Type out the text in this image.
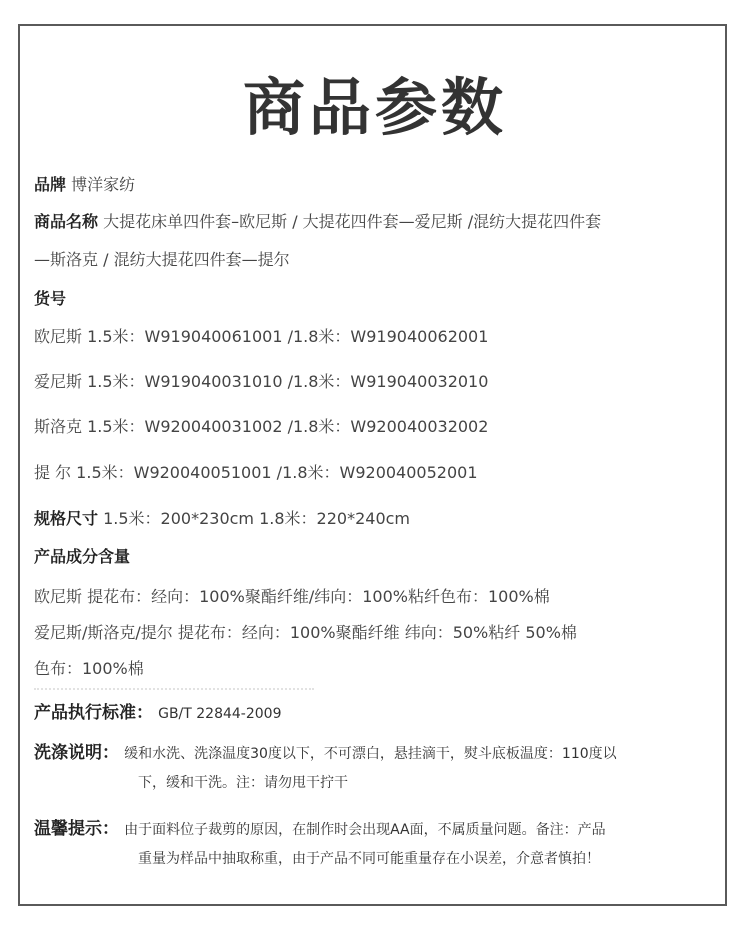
商品参数
品牌 博洋家纺
商品名称 大提花床单四件套–欧尼斯 / 大提花四件套—爱尼斯 /混纺大提花四件套
—斯洛克 / 混纺大提花四件套—提尔
货号
欧尼斯 1.5米：W919040061001 /1.8米：W919040062001
爱尼斯 1.5米：W919040031010 /1.8米：W919040032010
斯洛克 1.5米：W920040031002 /1.8米：W920040032002
提 尔 1.5米：W920040051001 /1.8米：W920040052001
规格尺寸 1.5米：200*230cm 1.8米：220*240cm
产品成分含量
欧尼斯 提花布：经向：100%聚酯纤维/纬向：100%粘纤色布：100%棉
爱尼斯/斯洛克/提尔 提花布：经向：100%聚酯纤维 纬向：50%粘纤 50%棉
色布：100%棉
产品执行标准： GB/T 22844-2009
洗涤说明： 缓和水洗、洗涤温度30度以下，不可漂白，悬挂滴干，熨斗底板温度：110度以
下，缓和干洗。注：请勿甩干拧干
温馨提示： 由于面料位子裁剪的原因，在制作时会出现AA面，不属质量问题。备注：产品
重量为样品中抽取称重，由于产品不同可能重量存在小误差，介意者慎拍！
